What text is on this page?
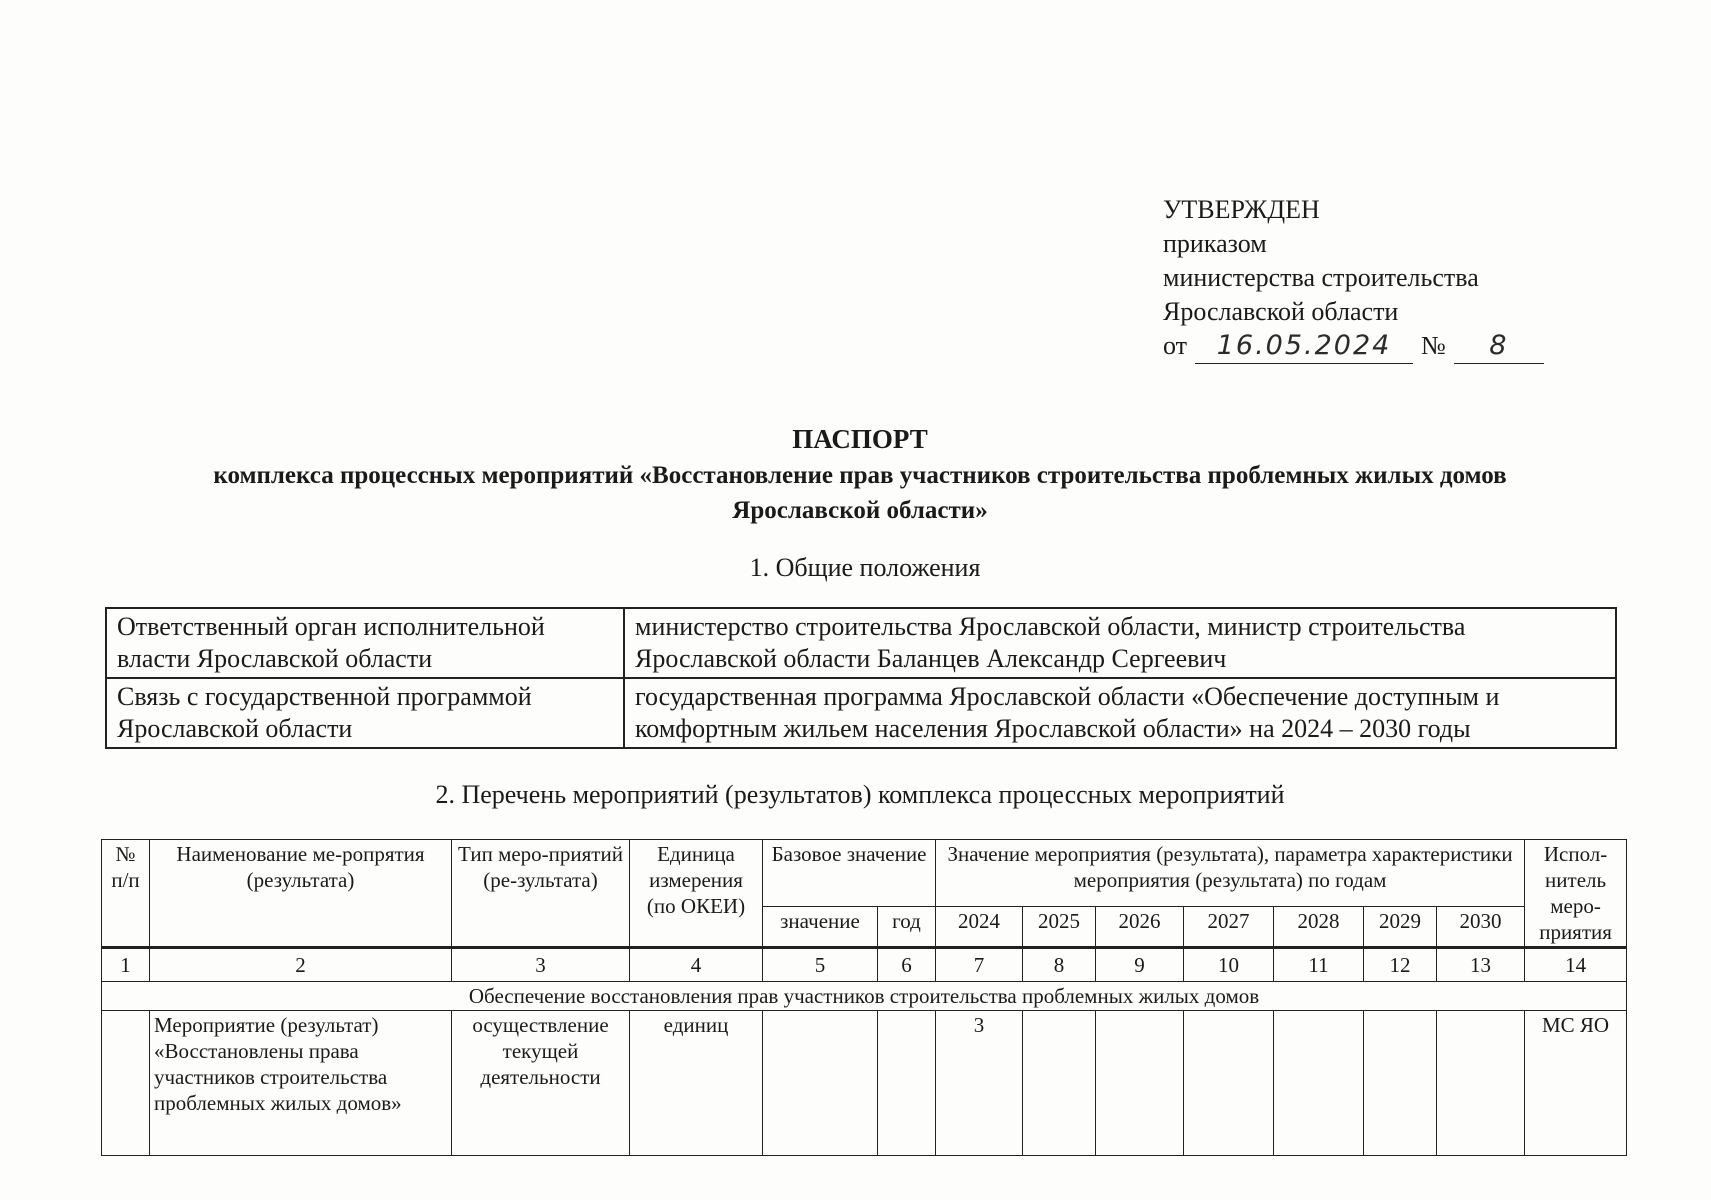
УТВЕРЖДЕН
приказом
министерства строительства
Ярославской области
от 16.05.2024 № 8
ПАСПОРТ
комплекса процессных мероприятий «Восстановление прав участников строительства проблемных жилых домов
Ярославской области»
1. Общие положения
Ответственный орган исполнительной власти Ярославской области	министерство строительства Ярославской области, министр строительства Ярославской области Баланцев Александр Сергеевич
Связь с государственной программой Ярославской области	государственная программа Ярославской области «Обеспечение доступным и комфортным жильем населения Ярославской области» на 2024 – 2030 годы
2. Перечень мероприятий (результатов) комплекса процессных мероприятий
№ п/п	Наименование ме-ропрятия (результата)	Тип меро-приятий (ре-зультата)	Единица измерения (по ОКЕИ)	Базовое значение		Значение мероприятия (результата), параметра характеристики мероприятия (результата) по годам							Испол-нитель меро-приятия
				значение	год	2024	2025	2026	2027	2028	2029	2030	
1	2	3	4	5	6	7	8	9	10	11	12	13	14
Обеспечение восстановления прав участников строительства проблемных жилых домов													
	Мероприятие (результат) «Восстановлены права участников строительства проблемных жилых домов»	осуществление текущей деятельности	единиц			3							МС ЯО
